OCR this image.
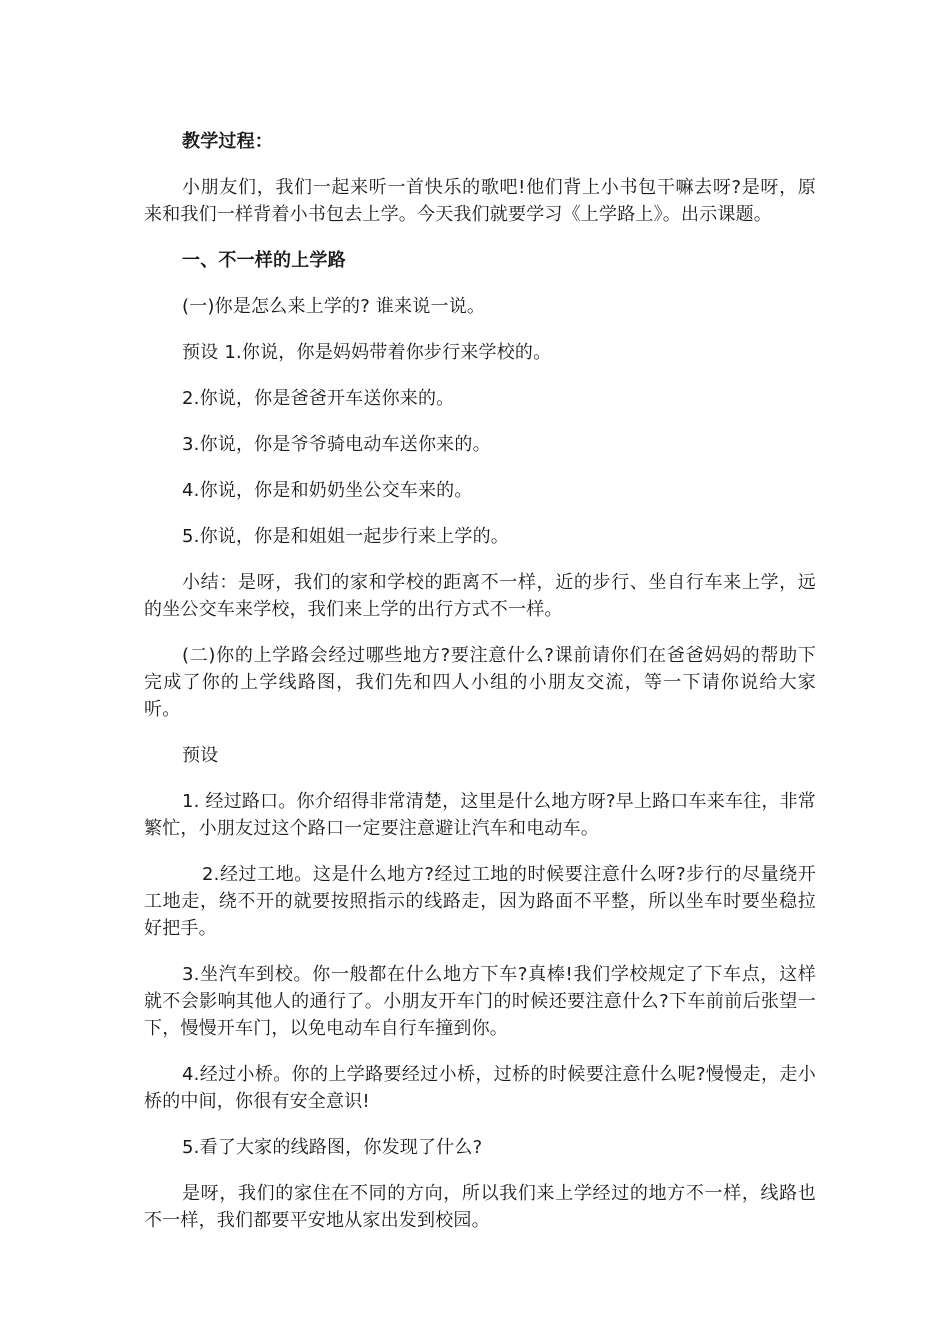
教学过程：

小朋友们，我们一起来听一首快乐的歌吧!他们背上小书包干嘛去呀?是呀，原来和我们一样背着小书包去上学。今天我们就要学习《上学路上》。出示课题。

一、不一样的上学路

(一)你是怎么来上学的? 谁来说一说。

预设 1.你说，你是妈妈带着你步行来学校的。

2.你说，你是爸爸开车送你来的。

3.你说，你是爷爷骑电动车送你来的。

4.你说，你是和奶奶坐公交车来的。

5.你说，你是和姐姐一起步行来上学的。

小结：是呀，我们的家和学校的距离不一样，近的步行、坐自行车来上学，远的坐公交车来学校，我们来上学的出行方式不一样。

(二)你的上学路会经过哪些地方?要注意什么?课前请你们在爸爸妈妈的帮助下完成了你的上学线路图，我们先和四人小组的小朋友交流，等一下请你说给大家听。

预设

1. 经过路口。你介绍得非常清楚，这里是什么地方呀?早上路口车来车往，非常繁忙，小朋友过这个路口一定要注意避让汽车和电动车。

2.经过工地。这是什么地方?经过工地的时候要注意什么呀?步行的尽量绕开工地走，绕不开的就要按照指示的线路走，因为路面不平整，所以坐车时要坐稳拉好把手。

3.坐汽车到校。你一般都在什么地方下车?真棒!我们学校规定了下车点，这样就不会影响其他人的通行了。小朋友开车门的时候还要注意什么?下车前前后张望一下，慢慢开车门，以免电动车自行车撞到你。

4.经过小桥。你的上学路要经过小桥，过桥的时候要注意什么呢?慢慢走，走小桥的中间，你很有安全意识!

5.看了大家的线路图，你发现了什么?

是呀，我们的家住在不同的方向，所以我们来上学经过的地方不一样，线路也不一样，我们都要平安地从家出发到校园。
